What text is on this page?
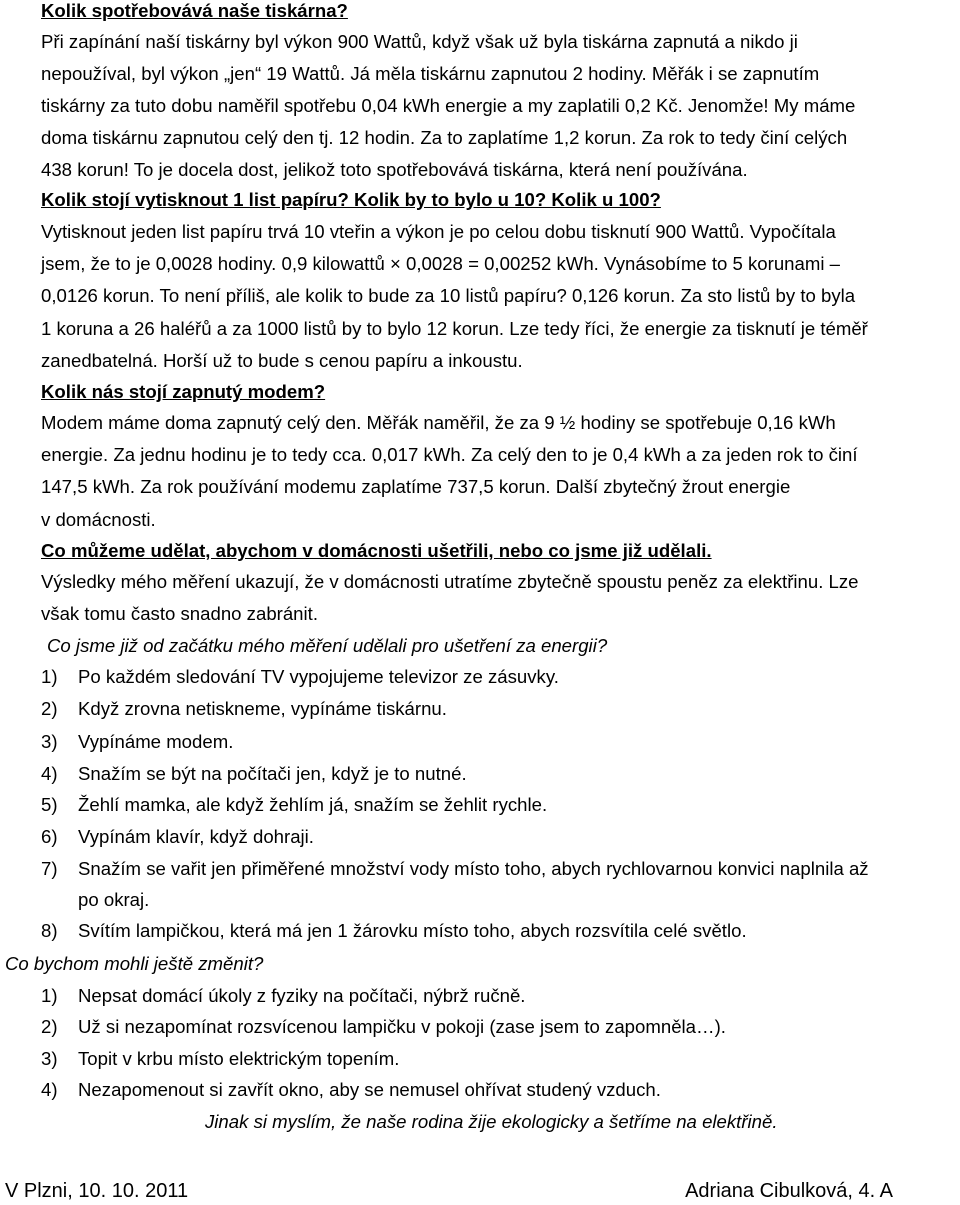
Kolik spotřebovává naše tiskárna?
Při zapínání naší tiskárny byl výkon 900 Wattů, když však už byla tiskárna zapnutá a nikdo ji
nepoužíval, byl výkon „jen“ 19 Wattů. Já měla tiskárnu zapnutou 2 hodiny. Měřák i se zapnutím
tiskárny za tuto dobu naměřil spotřebu 0,04 kWh energie a my zaplatili 0,2 Kč. Jenomže! My máme
doma tiskárnu zapnutou celý den tj. 12 hodin. Za to zaplatíme 1,2 korun. Za rok to tedy činí celých
438 korun! To je docela dost, jelikož toto spotřebovává tiskárna, která není používána.
Kolik stojí vytisknout 1 list papíru? Kolik by to bylo u 10? Kolik u 100?
Vytisknout jeden list papíru trvá 10 vteřin a výkon je po celou dobu tisknutí 900 Wattů. Vypočítala
jsem, že to je 0,0028 hodiny. 0,9 kilowattů × 0,0028 = 0,00252 kWh. Vynásobíme to 5 korunami –
0,0126 korun. To není příliš, ale kolik to bude za 10 listů papíru? 0,126 korun. Za sto listů by to byla
1 koruna a 26 haléřů a za 1000 listů by to bylo 12 korun. Lze tedy říci, že energie za tisknutí je téměř
zanedbatelná. Horší už to bude s cenou papíru a inkoustu.
Kolik nás stojí zapnutý modem?
Modem máme doma zapnutý celý den. Měřák naměřil, že za 9 ½ hodiny se spotřebuje 0,16 kWh
energie. Za jednu hodinu je to tedy cca. 0,017 kWh. Za celý den to je 0,4 kWh a za jeden rok to činí
147,5 kWh. Za rok používání modemu zaplatíme 737,5 korun. Další zbytečný žrout energie
v domácnosti.
Co můžeme udělat, abychom v domácnosti ušetřili, nebo co jsme již udělali.
Výsledky mého měření ukazují, že v domácnosti utratíme zbytečně spoustu peněz za elektřinu. Lze
však tomu často snadno zabránit.
Co jsme již od začátku mého měření udělali pro ušetření za energii?
1) Po každém sledování TV vypojujeme televizor ze zásuvky.
2) Když zrovna netiskneme, vypínáme tiskárnu.
3) Vypínáme modem.
4) Snažím se být na počítači jen, když je to nutné.
5) Žehlí mamka, ale když žehlím já, snažím se žehlit rychle.
6) Vypínám klavír, když dohraji.
7) Snažím se vařit jen přiměřené množství vody místo toho, abych rychlovarnou konvici naplnila až
po okraj.
8) Svítím lampičkou, která má jen 1 žárovku místo toho, abych rozsvítila celé světlo.
Co bychom mohli ještě změnit?
1) Nepsat domácí úkoly z fyziky na počítači, nýbrž ručně.
2) Už si nezapomínat rozsvícenou lampičku v pokoji (zase jsem to zapomněla…).
3) Topit v krbu místo elektrickým topením.
4) Nezapomenout si zavřít okno, aby se nemusel ohřívat studený vzduch.
Jinak si myslím, že naše rodina žije ekologicky a šetříme na elektřině.
V Plzni, 10. 10. 2011	Adriana Cibulková, 4. A
